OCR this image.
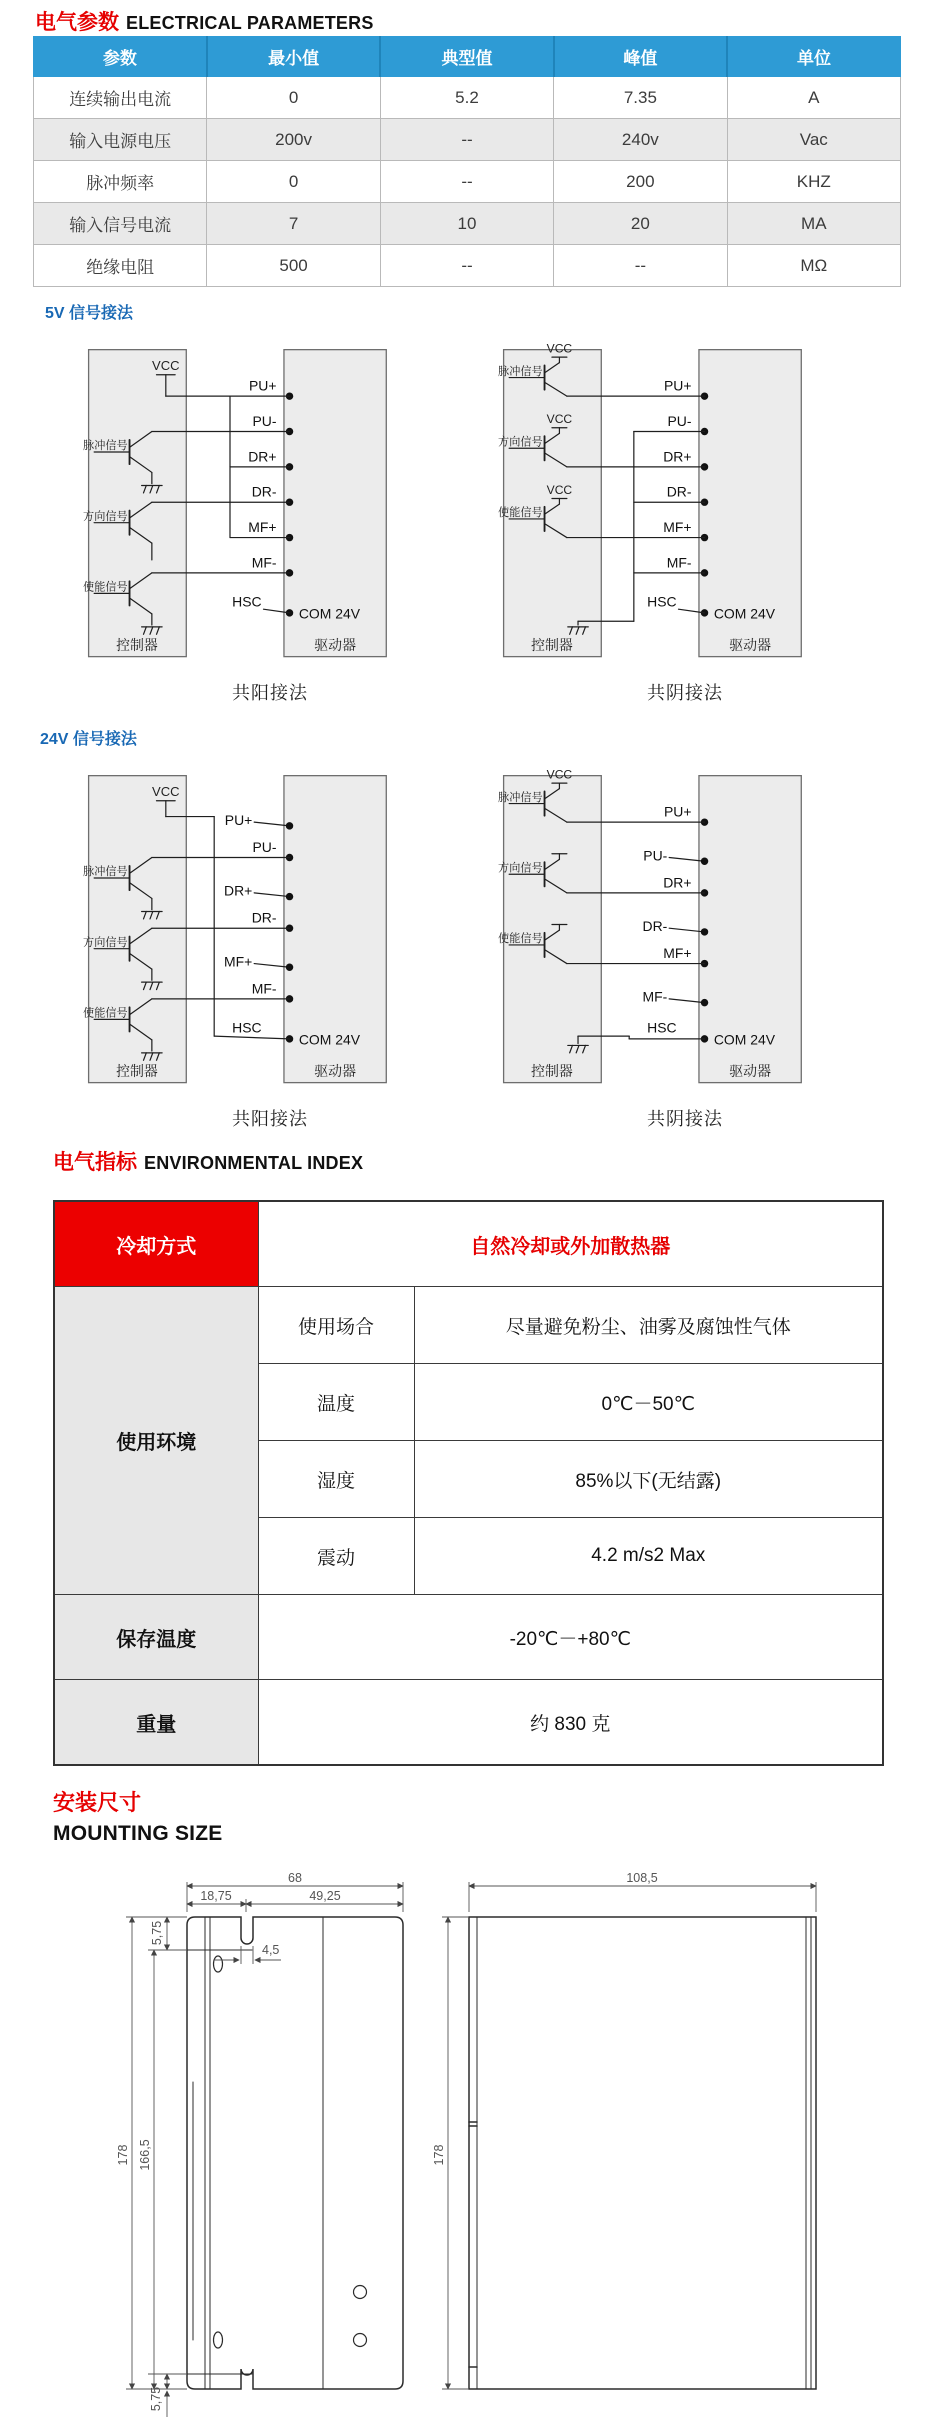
电气参数 ELECTRICAL PARAMETERS
参数	最小值	典型值	峰值	单位
连续输出电流	0	5.2	7.35	A
输入电源电压	200v	--	240v	Vac
脉冲频率	0	--	200	KHZ
输入信号电流	7	10	20	MA
绝缘电阻	500	--	--	MΩ
5V 信号接法
控制器	驱动器
PU+
PU-
DR+
DR-
MF+
MF-
HSC
COM 24V
VCC
脉冲信号
方向信号
使能信号
共阳接法
控制器	驱动器
PU+
PU-
DR+
DR-
MF+
MF-
HSC
COM 24V
脉冲信号
VCC
方向信号
VCC
使能信号
VCC
共阴接法
24V 信号接法
控制器	驱动器
PU+
PU-
DR+
DR-
MF+
MF-
HSC
COM 24V
VCC
脉冲信号
方向信号
使能信号
共阳接法
控制器	驱动器
PU+
PU-
DR+
DR-
MF+
MF-
HSC
COM 24V
脉冲信号
VCC
方向信号
使能信号
共阴接法
电气指标 ENVIRONMENTAL INDEX
冷却方式	自然冷却或外加散热器	
使用环境	使用场合	尽量避免粉尘、油雾及腐蚀性气体
	温度	0℃－50℃
	湿度	85%以下(无结露)
	震动	4.2 m/s2 Max
保存温度	-20℃－+80℃	
重量	约 830 克	
安装尺寸
MOUNTING SIZE
68
18,75	49,25
4,5
5,75
178 166,5
5,75
108,5
178
